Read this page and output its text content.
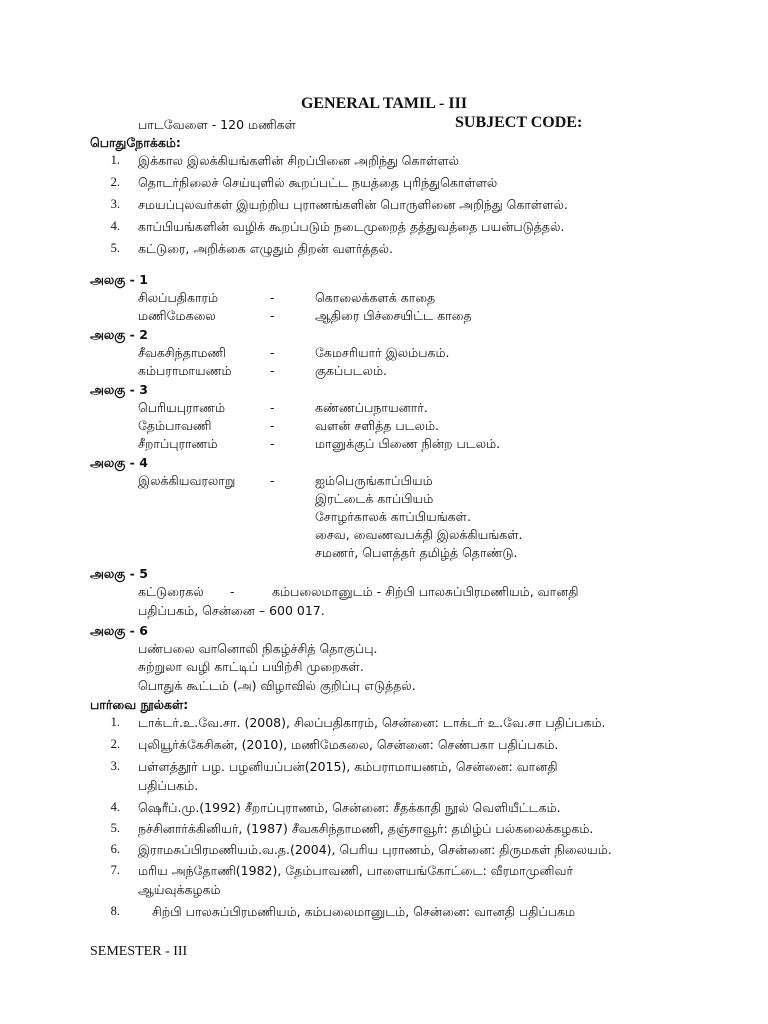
GENERAL TAMIL - III
பாடவேளை - 120 மணிகள்	SUBJECT CODE:
பொதுநோக்கம்:
1. இக்கால இலக்கியங்களின் சிறப்பினை அறிந்து கொள்ளல்
2. தொடர்நிலைச் செய்யுளில் கூறப்பட்ட நயத்தை புரிந்துகொள்ளல்
3. சமயப்புலவர்கள் இயற்றிய புராணங்களின் பொருளினை அறிந்து கொள்ளல்.
4. காப்பியங்களின் வழிக் கூறப்படும் நடைமுறைத் தத்துவத்தை பயன்படுத்தல்.
5. கட்டுரை, அறிக்கை எழுதும் திறன் வளர்த்தல்.
அலகு - 1
சிலப்பதிகாரம்	-	கொலைக்களக் காதை
மணிமேகலை	-	ஆதிரை பிச்சையிட்ட காதை
அலகு - 2
சீவகசிந்தாமணி	-	கேமசரியார் இலம்பகம்.
கம்பராமாயணம்	-	குகப்படலம்.
அலகு - 3
பெரியபுராணம்	-	கண்ணப்பநாயனார்.
தேம்பாவணி	-	வளன் சளித்த படலம்.
சீறாப்புராணம்	-	மானுக்குப் பிணை நின்ற படலம்.
அலகு - 4
இலக்கியவரலாறு	-	ஐம்பெருங்காப்பியம்
இரட்டைக் காப்பியம்
சோழர்காலக் காப்பியங்கள்.
சைவ, வைணவபக்தி இலக்கியங்கள்.
சமணர், பௌத்தர் தமிழ்த் தொண்டு.
அலகு - 5
கட்டுரைகல் -	கம்பலைமானுடம் - சிற்பி பாலசுப்பிரமணியம், வானதி
பதிப்பகம், சென்னை – 600 017.
அலகு - 6
பண்பலை வானொலி நிகழ்ச்சித் தொகுப்பு.
சுற்றுலா வழி காட்டிப் பயிற்சி முறைகள்.
பொதுக் கூட்டம் (அ) விழாவில் குறிப்பு எடுத்தல்.
பார்வை நூல்கள்:
1. டாக்டர்.உ.வே.சா. (2008), சிலப்பதிகாரம், சென்னை: டாக்டர் உ.வே.சா பதிப்பகம்.
2. புலியூர்க்கேசிகன், (2010), மணிமேகலை, சென்னை: செண்பகா பதிப்பகம்.
3. பள்ளத்தூர் பழ. பழனியப்பன்(2015), கம்பராமாயணம், சென்னை: வானதி
பதிப்பகம்.
4. ஷெரீப்.மு.(1992) சீறாப்புராணம், சென்னை: சீதக்காதி நூல் வெளியீட்டகம்.
5. நச்சினார்க்கினியர், (1987) சீவகசிந்தாமணி, தஞ்சாவூர்: தமிழ்ப் பல்கலைக்கழகம்.
6. இராமசுப்பிரமணியம்.வ.த.(2004), பெரிய புராணம், சென்னை: திருமகள் நிலையம்.
7. மரிய அந்தோணி(1982), தேம்பாவணி, பாளையங்கோட்டை: வீரமாமுனிவர்
ஆய்வுக்கழகம்
8.	சிற்பி பாலசுப்பிரமணியம், கம்பலைமானுடம், சென்னை: வானதி பதிப்பகம
SEMESTER - III
